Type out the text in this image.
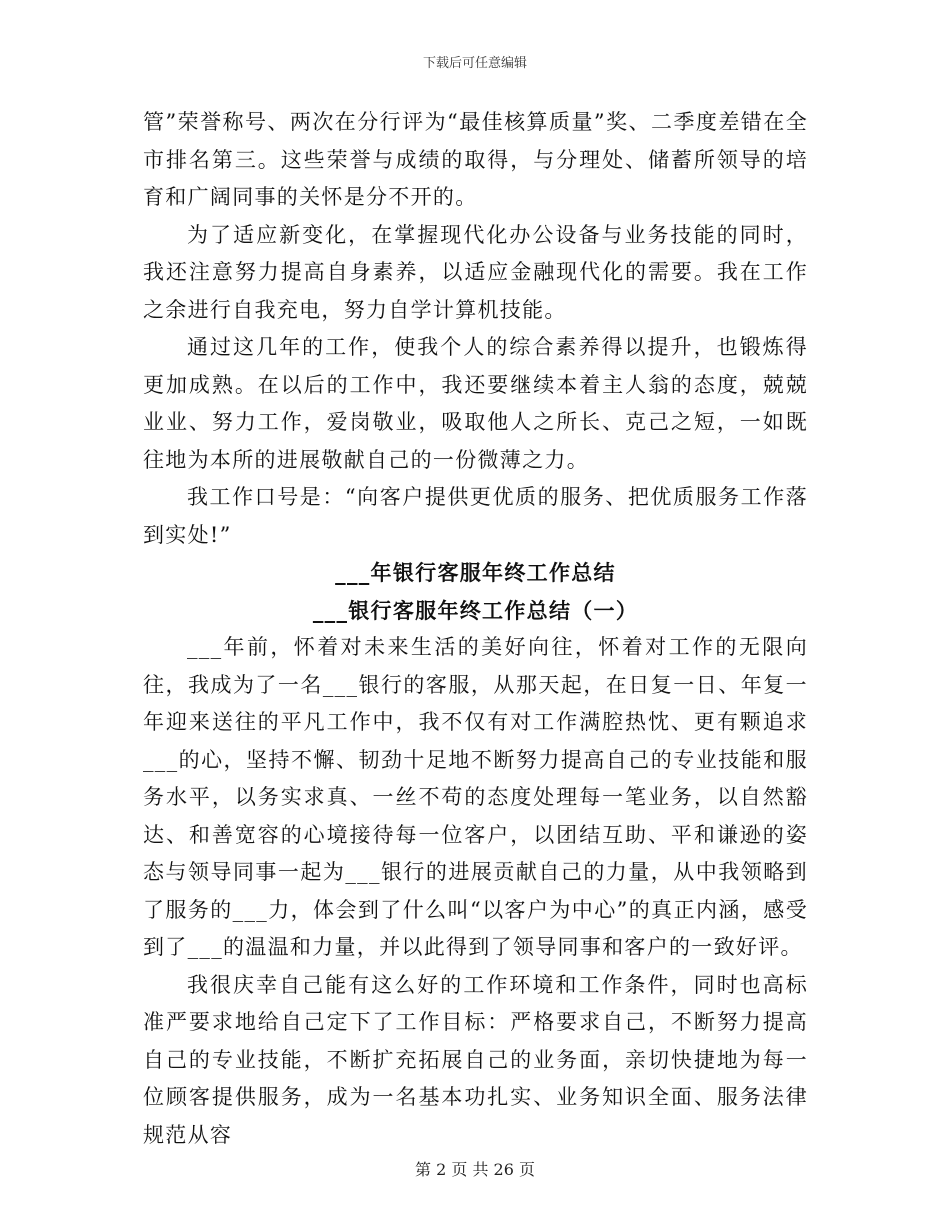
下载后可任意编辑

管”荣誉称号、两次在分行评为“最佳核算质量”奖、二季度差错在全市排名第三。这些荣誉与成绩的取得，与分理处、储蓄所领导的培育和广阔同事的关怀是分不开的。

为了适应新变化，在掌握现代化办公设备与业务技能的同时，我还注意努力提高自身素养，以适应金融现代化的需要。我在工作之余进行自我充电，努力自学计算机技能。

通过这几年的工作，使我个人的综合素养得以提升，也锻炼得更加成熟。在以后的工作中，我还要继续本着主人翁的态度，兢兢业业、努力工作，爱岗敬业，吸取他人之所长、克己之短，一如既往地为本所的进展敬献自己的一份微薄之力。

我工作口号是：“向客户提供更优质的服务、把优质服务工作落到实处!”

___年银行客服年终工作总结

___银行客服年终工作总结（一）

___年前，怀着对未来生活的美好向往，怀着对工作的无限向往，我成为了一名___银行的客服，从那天起，在日复一日、年复一年迎来送往的平凡工作中，我不仅有对工作满腔热忱、更有颗追求___的心，坚持不懈、韧劲十足地不断努力提高自己的专业技能和服务水平，以务实求真、一丝不苟的态度处理每一笔业务，以自然豁达、和善宽容的心境接待每一位客户，以团结互助、平和谦逊的姿态与领导同事一起为___银行的进展贡献自己的力量，从中我领略到了服务的___力，体会到了什么叫“以客户为中心”的真正内涵，感受到了___的温温和力量，并以此得到了领导同事和客户的一致好评。

我很庆幸自己能有这么好的工作环境和工作条件，同时也高标准严要求地给自己定下了工作目标：严格要求自己，不断努力提高自己的专业技能，不断扩充拓展自己的业务面，亲切快捷地为每一位顾客提供服务，成为一名基本功扎实、业务知识全面、服务法律规范从容

第 2 页 共 26 页
